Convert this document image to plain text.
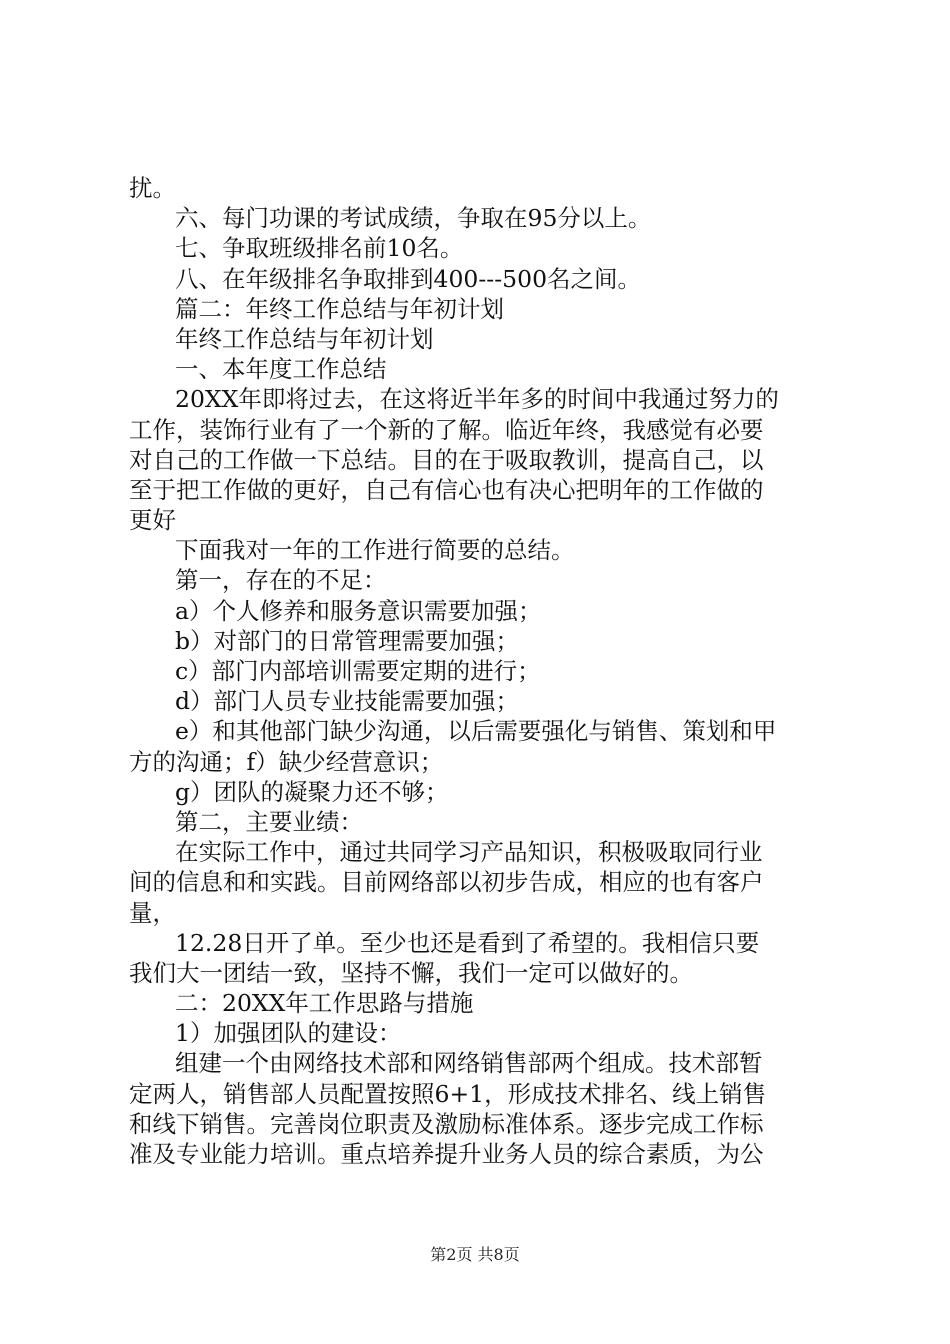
扰。
六、每门功课的考试成绩，争取在95分以上。
七、争取班级排名前10名。
八、在年级排名争取排到400---500名之间。
篇二：年终工作总结与年初计划
年终工作总结与年初计划
一、本年度工作总结
20XX年即将过去，在这将近半年多的时间中我通过努力的
工作，装饰行业有了一个新的了解。临近年终，我感觉有必要
对自己的工作做一下总结。目的在于吸取教训，提高自己，以
至于把工作做的更好，自己有信心也有决心把明年的工作做的
更好
下面我对一年的工作进行简要的总结。
第一，存在的不足：
a）个人修养和服务意识需要加强；
b）对部门的日常管理需要加强；
c）部门内部培训需要定期的进行；
d）部门人员专业技能需要加强；
e）和其他部门缺少沟通，以后需要强化与销售、策划和甲
方的沟通；f）缺少经营意识；
g）团队的凝聚力还不够；
第二，主要业绩：
在实际工作中，通过共同学习产品知识，积极吸取同行业
间的信息和和实践。目前网络部以初步告成，相应的也有客户
量，
12.28日开了单。至少也还是看到了希望的。我相信只要
我们大一团结一致，坚持不懈，我们一定可以做好的。
二：20XX年工作思路与措施
1）加强团队的建设：
组建一个由网络技术部和网络销售部两个组成。技术部暂
定两人，销售部人员配置按照6+1，形成技术排名、线上销售
和线下销售。完善岗位职责及激励标准体系。逐步完成工作标
准及专业能力培训。重点培养提升业务人员的综合素质，为公
第2页 共8页
